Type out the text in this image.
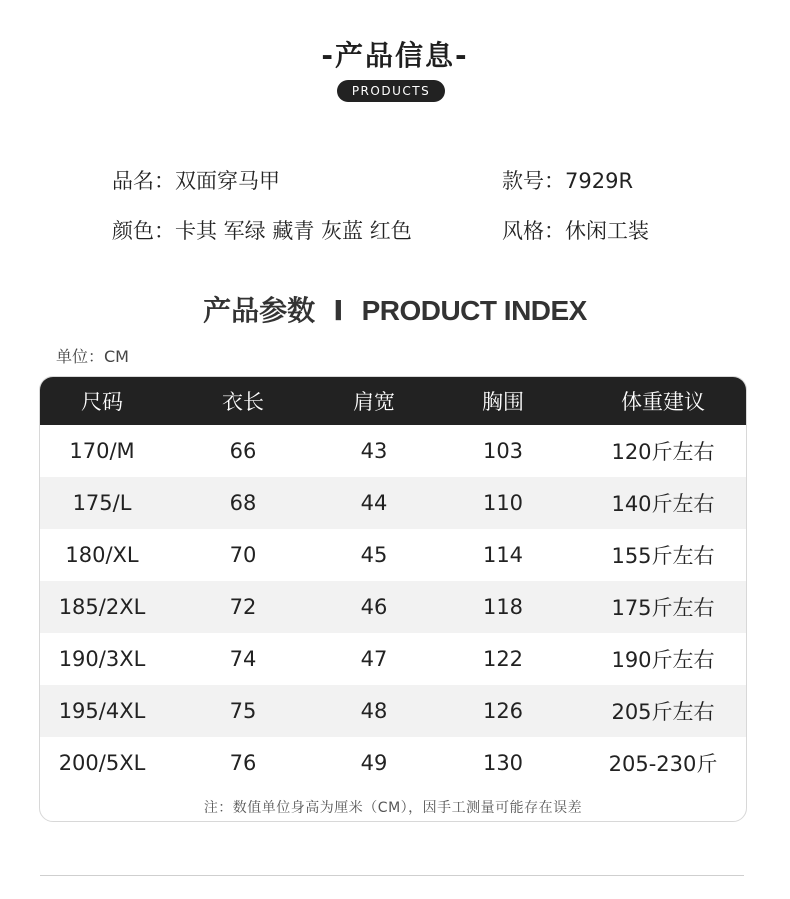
-产品信息-
PRODUCTS
品名：双面穿马甲	款号：7929R
颜色：卡其 军绿 藏青 灰蓝 红色	风格：休闲工装
产品参数 I PRODUCT INDEX
单位：CM
尺码	衣长	肩宽	胸围	体重建议
170/M	66	43	103	120斤左右
175/L	68	44	110	140斤左右
180/XL	70	45	114	155斤左右
185/2XL	72	46	118	175斤左右
190/3XL	74	47	122	190斤左右
195/4XL	75	48	126	205斤左右
200/5XL	76	49	130	205-230斤
注：数值单位身高为厘米（CM），因手工测量可能存在误差
